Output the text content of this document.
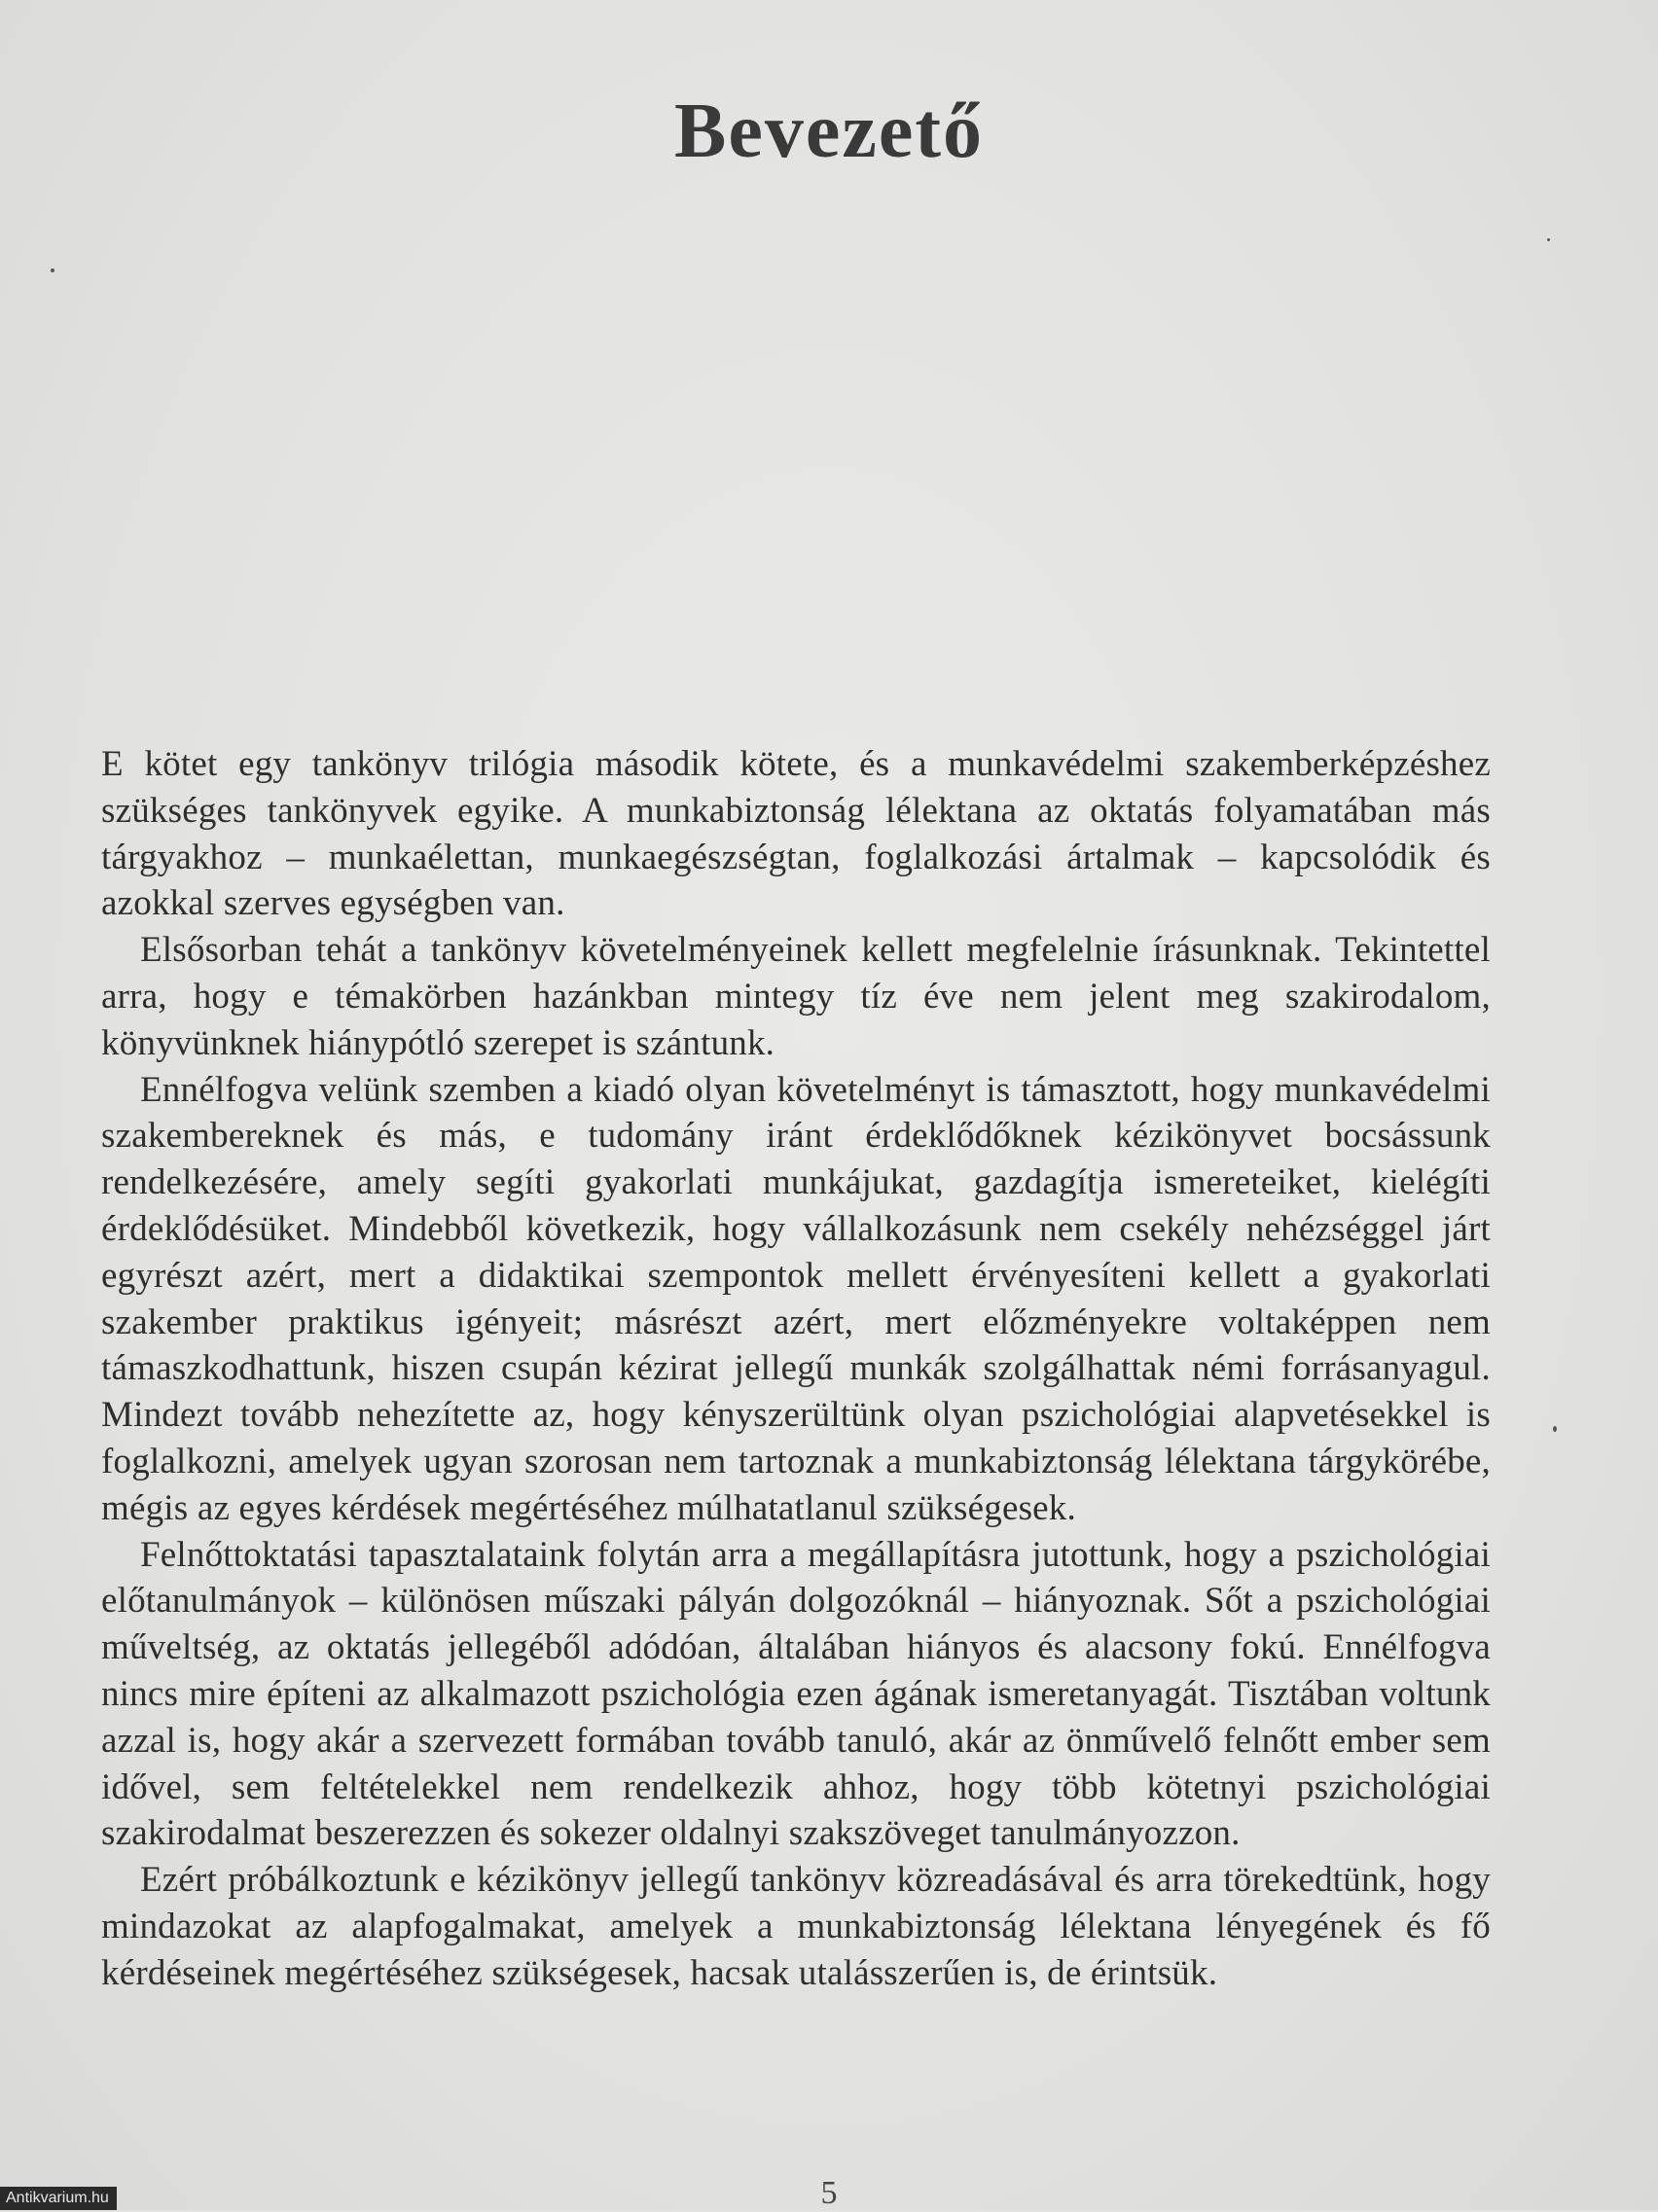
Bevezető

E kötet egy tankönyv trilógia második kötete, és a munkavédelmi szakemberképzéshez szükséges tankönyvek egyike. A munkabiztonság lélektana az oktatás folyamatában más tárgyakhoz – munkaélettan, munkaegészségtan, foglalkozási ártalmak – kapcsolódik és azokkal szerves egységben van.

Elsősorban tehát a tankönyv követelményeinek kellett megfelelnie írásunknak. Tekintettel arra, hogy e témakörben hazánkban mintegy tíz éve nem jelent meg szakirodalom, könyvünknek hiánypótló szerepet is szántunk.

Ennélfogva velünk szemben a kiadó olyan követelményt is támasztott, hogy munkavédelmi szakembereknek és más, e tudomány iránt érdeklődőknek kézikönyvet bocsássunk rendelkezésére, amely segíti gyakorlati munkájukat, gazdagítja ismereteiket, kielégíti érdeklődésüket. Mindebből következik, hogy vállalkozásunk nem csekély nehézséggel járt egyrészt azért, mert a didaktikai szempontok mellett érvényesíteni kellett a gyakorlati szakember praktikus igényeit; másrészt azért, mert előzményekre voltaképpen nem támaszkodhattunk, hiszen csupán kézirat jellegű munkák szolgálhattak némi forrásanyagul. Mindezt tovább nehezítette az, hogy kényszerültünk olyan pszichológiai alapvetésekkel is foglalkozni, amelyek ugyan szorosan nem tartoznak a munkabiztonság lélektana tárgykörébe, mégis az egyes kérdések megértéséhez múlhatatlanul szükségesek.

Felnőttoktatási tapasztalataink folytán arra a megállapításra jutottunk, hogy a pszichológiai előtanulmányok – különösen műszaki pályán dolgozóknál – hiányoznak. Sőt a pszichológiai műveltség, az oktatás jellegéből adódóan, általában hiányos és alacsony fokú. Ennélfogva nincs mire építeni az alkalmazott pszichológia ezen ágának ismeretanyagát. Tisztában voltunk azzal is, hogy akár a szervezett formában tovább tanuló, akár az önművelő felnőtt ember sem idővel, sem feltételekkel nem rendelkezik ahhoz, hogy több kötetnyi pszichológiai szakirodalmat beszerezzen és sokezer oldalnyi szakszöveget tanulmányozzon.

Ezért próbálkoztunk e kézikönyv jellegű tankönyv közreadásával és arra törekedtünk, hogy mindazokat az alapfogalmakat, amelyek a munkabiztonság lélektana lényegének és fő kérdéseinek megértéséhez szükségesek, hacsak utalásszerűen is, de érintsük.

5
Antikvarium.hu
